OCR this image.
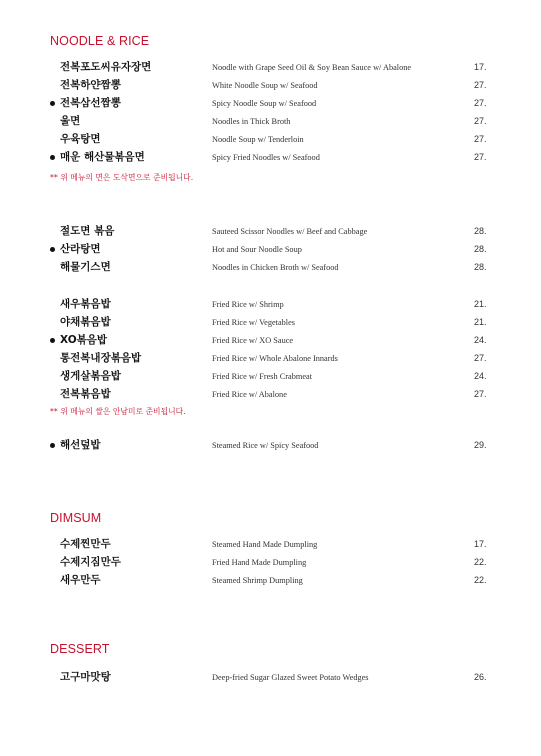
NOODLE & RICE
전복포도씨유자장면	Noodle with Grape Seed Oil & Soy Bean Sauce w/ Abalone	17.
전복하얀짬뽕	White Noodle Soup w/ Seafood	27.
전복삼선짬뽕	Spicy Noodle Soup w/ Seafood	27.
울면	Noodles in Thick Broth	27.
우육탕면	Noodle Soup w/ Tenderloin	27.
매운 해산물볶음면	Spicy Fried Noodles w/ Seafood	27.
** 위 메뉴의 면은 도삭면으로 준비됩니다.
절도면 볶음	Sauteed Scissor Noodles w/ Beef and Cabbage	28.
산라탕면	Hot and Sour Noodle Soup	28.
해물기스면	Noodles in Chicken Broth w/ Seafood	28.
새우볶음밥	Fried Rice w/ Shrimp	21.
야채볶음밥	Fried Rice w/ Vegetables	21.
XO볶음밥	Fried Rice w/ XO Sauce	24.
통전복내장볶음밥	Fried Rice w/ Whole Abalone Innards	27.
생게살볶음밥	Fried Rice w/ Fresh Crabmeat	24.
전복볶음밥	Fried Rice w/ Abalone	27.
** 위 메뉴의 쌀은 안남미로 준비됩니다.
해선덮밥	Steamed Rice w/ Spicy Seafood	29.
DIMSUM
수제찐만두	Steamed Hand Made Dumpling	17.
수제지짐만두	Fried Hand Made Dumpling	22.
새우만두	Steamed Shrimp Dumpling	22.
DESSERT
고구마맛탕	Deep-fried Sugar Glazed Sweet Potato Wedges	26.
